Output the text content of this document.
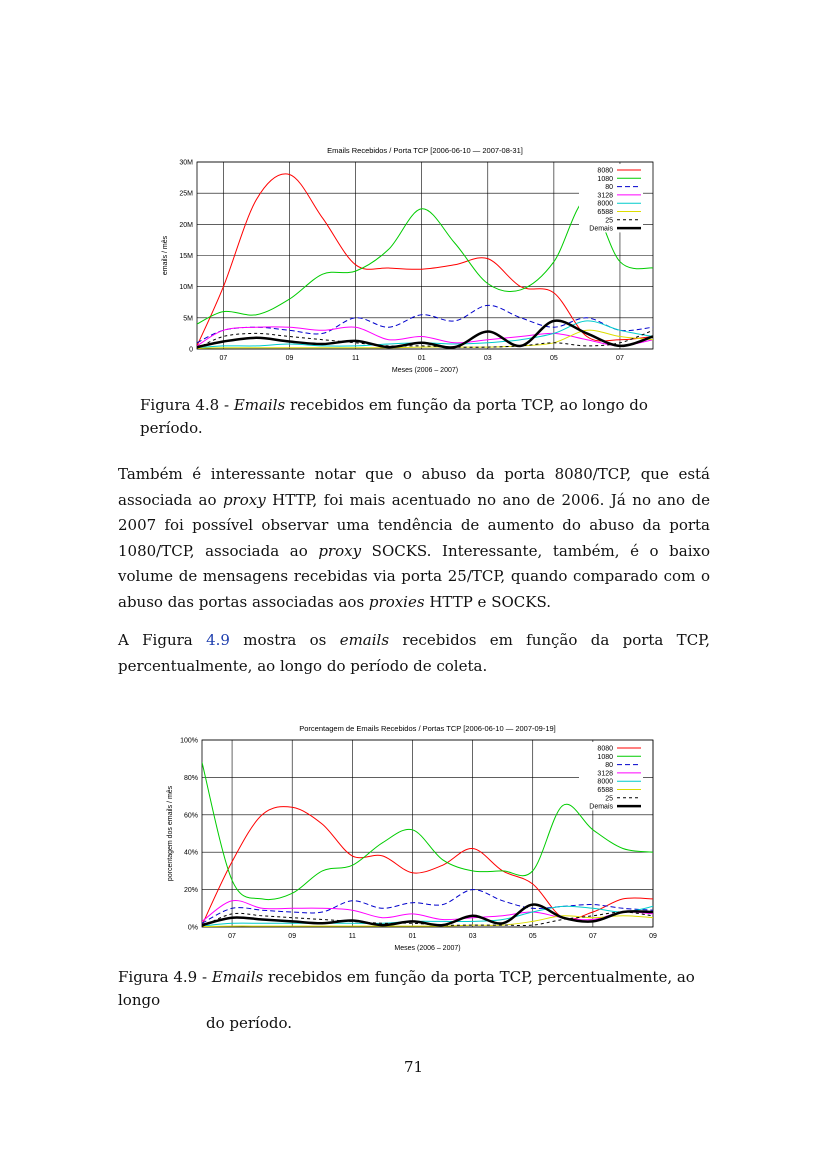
Emails Recebidos / Porta TCP [2006-06-10 — 2007-08-31]
0
5M
10M
15M
20M
25M
30M
07	09	11	01	03	05	07
Meses (2006 – 2007)
emails / mês
8080
1080
80
3128
8000
6588
25
Demais
Figura 4.8 - Emails recebidos em função da porta TCP, ao longo do período.

Também é interessante notar que o abuso da porta 8080/TCP, que está associada ao proxy HTTP, foi mais acentuado no ano de 2006. Já no ano de 2007 foi possível observar uma tendência de aumento do abuso da porta 1080/TCP, associada ao proxy SOCKS. Interessante, também, é o baixo volume de mensagens recebidas via porta 25/TCP, quando comparado com o abuso das portas associadas aos proxies HTTP e SOCKS.

A Figura 4.9 mostra os emails recebidos em função da porta TCP, percentualmente, ao longo do período de coleta.

Porcentagem de Emails Recebidos / Portas TCP [2006-06-10 — 2007-09-19]
0%
20%
40%
60%
80%
100%
07	09	11	01	03	05	07	09
Meses (2006 – 2007)
porcentagem dos emails / mês
8080
1080
80
3128
8000
6588
25
Demais
Figura 4.9 - Emails recebidos em função da porta TCP, percentualmente, ao longo
do período.
71
